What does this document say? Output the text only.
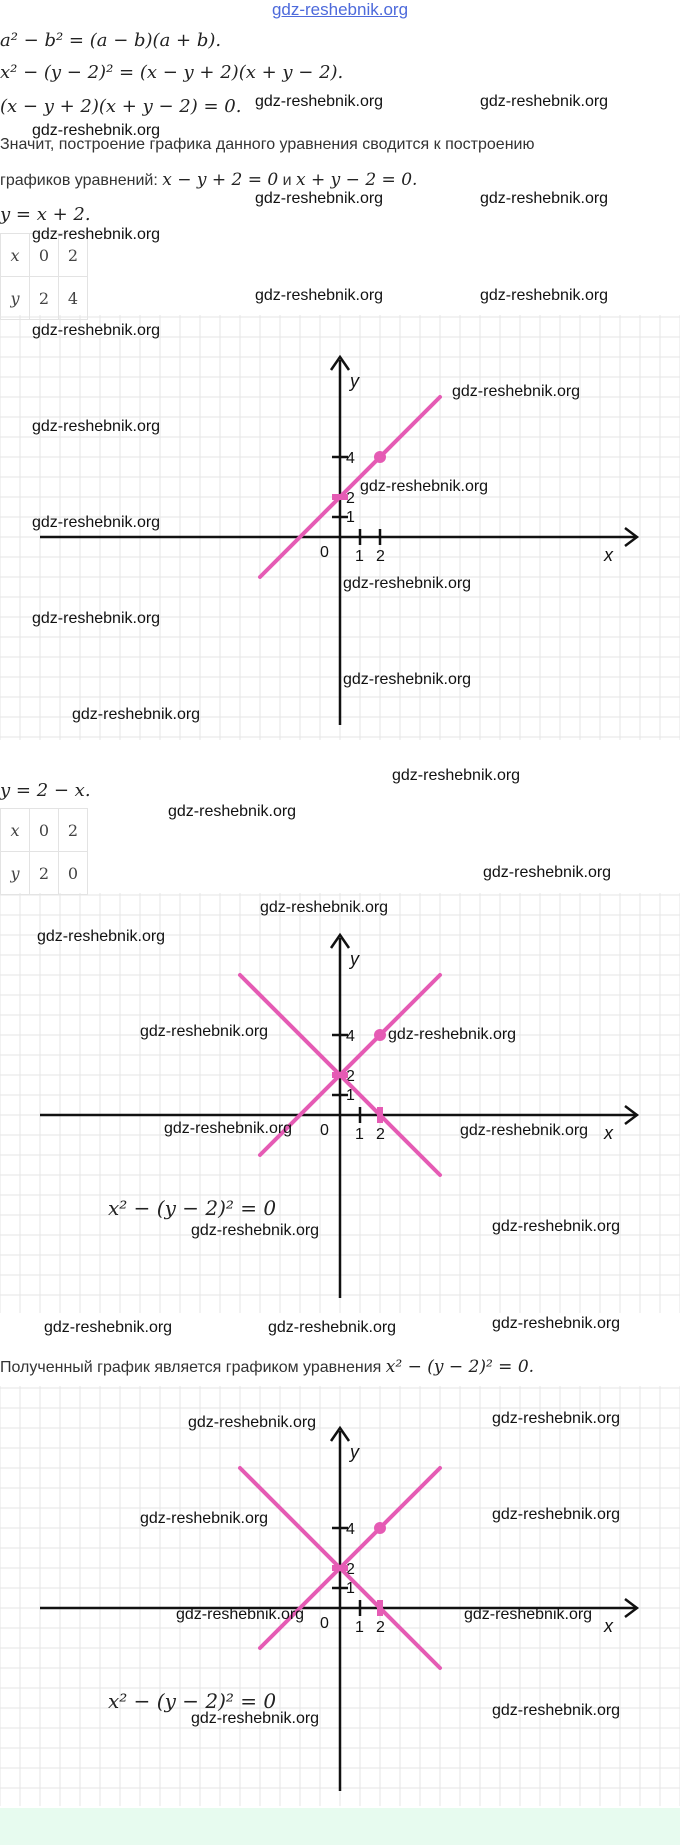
gdz-reshebnik.org
a² − b² = (a − b)(a + b).
x² − (y − 2)² = (x − y + 2)(x + y − 2).
(x − y + 2)(x + y − 2) = 0.
Значит, построение графика данного уравнения сводится к построению
графиков уравнений: x − y + 2 = 0 и x + y − 2 = 0.
y = x + 2.
x	0	2
y	2	4
x
y
0 1 2
1
2
4
y = 2 − x.
x	0	2
y	2	0
x
y
0 1 2
1
2
4
x² − (y − 2)² = 0
Полученный график является графиком уравнения x² − (y − 2)² = 0.
x
y
0 1 2
1
2
4
x² − (y − 2)² = 0
gdz-reshebnik.org	gdz-reshebnik.org
gdz-reshebnik.org
gdz-reshebnik.org	gdz-reshebnik.org
gdz-reshebnik.org
gdz-reshebnik.org	gdz-reshebnik.org
gdz-reshebnik.org
gdz-reshebnik.org
gdz-reshebnik.org
gdz-reshebnik.org
gdz-reshebnik.org
gdz-reshebnik.org
gdz-reshebnik.org
gdz-reshebnik.org
gdz-reshebnik.org
gdz-reshebnik.org
gdz-reshebnik.org
gdz-reshebnik.org
gdz-reshebnik.org
gdz-reshebnik.org
gdz-reshebnik.org	gdz-reshebnik.org
gdz-reshebnik.org	gdz-reshebnik.org
gdz-reshebnik.org	gdz-reshebnik.org
gdz-reshebnik.org	gdz-reshebnik.org	gdz-reshebnik.org
gdz-reshebnik.org	gdz-reshebnik.org
gdz-reshebnik.org	gdz-reshebnik.org
gdz-reshebnik.org	gdz-reshebnik.org
gdz-reshebnik.org
gdz-reshebnik.org
